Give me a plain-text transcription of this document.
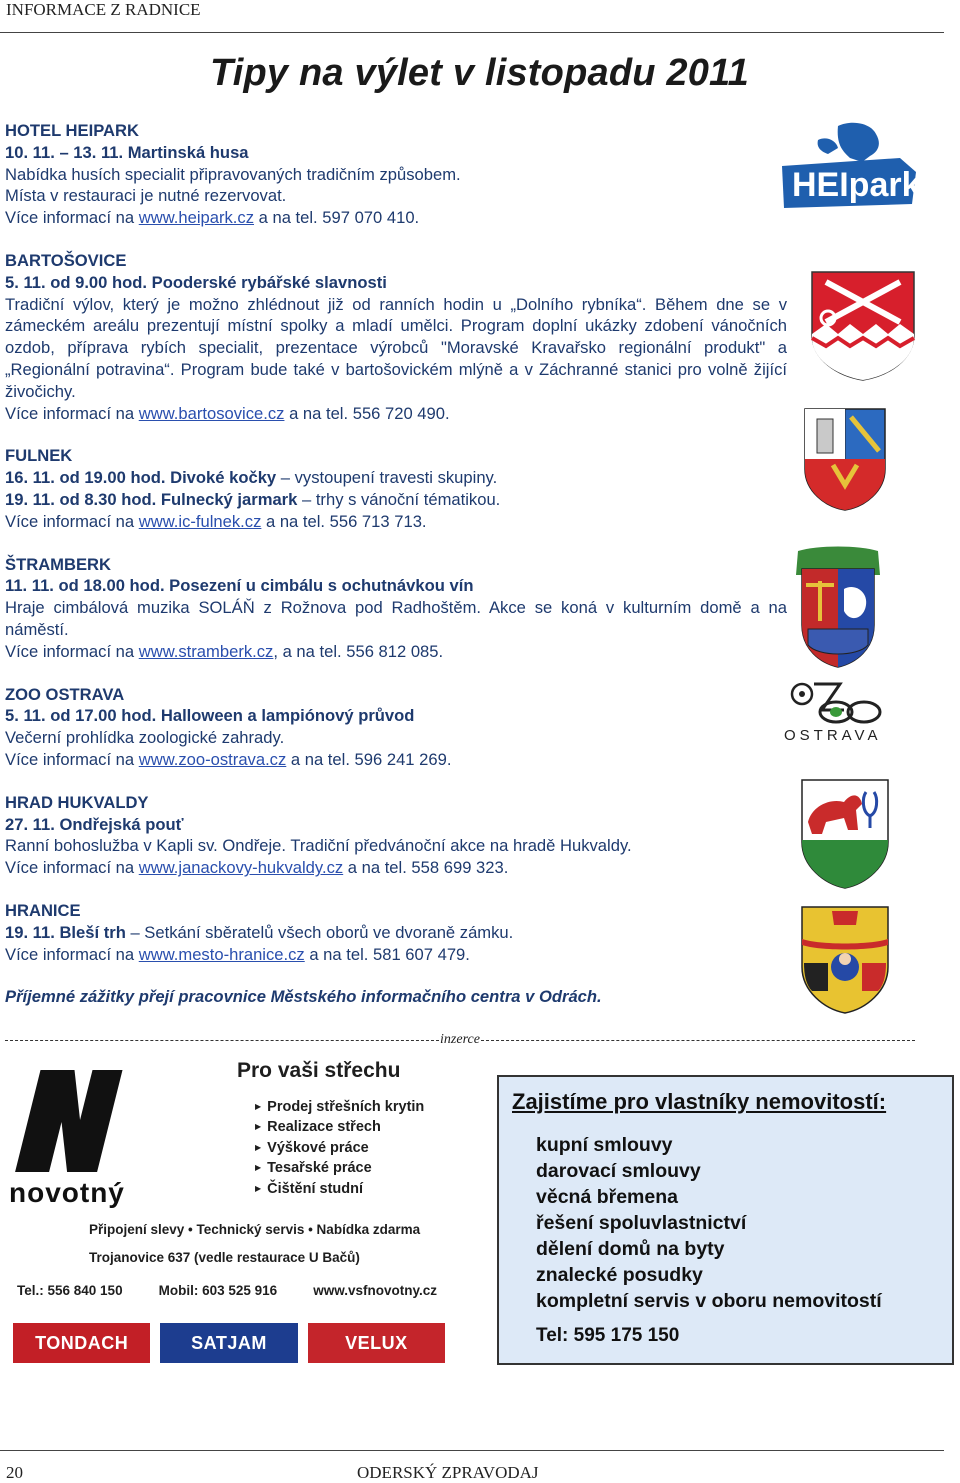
INFORMACE Z RADNICE
Tipy na výlet v listopadu 2011
HOTEL HEIPARK
10. 11. – 13. 11. Martinská husa
Nabídka husích specialit připravovaných tradičním způsobem.
Místa v restauraci je nutné rezervovat.
Více informací na www.heipark.cz a na tel. 597 070 410.
BARTOŠOVICE
5. 11. od 9.00 hod. Pooderské rybářské slavnosti
Tradiční výlov, který je možno zhlédnout již od ranních hodin u „Dolního rybníka“. Během dne se v zámeckém areálu prezentují místní spolky a mladí umělci. Program doplní ukázky zdobení vánočních ozdob, příprava rybích specialit, prezentace výrobců "Moravské Kravařsko regionální produkt" a „Regionální potravina“. Program bude také v bartošovickém mlýně a v Záchranné stanici pro volně žijící živočichy.
Více informací na www.bartosovice.cz a na tel. 556 720 490.
FULNEK
16. 11. od 19.00 hod. Divoké kočky – vystoupení travesti skupiny.
19. 11. od 8.30 hod. Fulnecký jarmark – trhy s vánoční tématikou.
Více informací na www.ic-fulnek.cz a na tel. 556 713 713.
ŠTRAMBERK
11. 11. od 18.00 hod. Posezení u cimbálu s ochutnávkou vín
Hraje cimbálová muzika SOLÁŇ z Rožnova pod Radhoštěm. Akce se koná v kulturním domě a na náměstí.
Více informací na www.stramberk.cz, a na tel. 556 812 085.
ZOO OSTRAVA
5. 11. od 17.00 hod. Halloween a lampiónový průvod
Večerní prohlídka zoologické zahrady.
Více informací na www.zoo-ostrava.cz a na tel. 596 241 269.
HRAD HUKVALDY
27. 11. Ondřejská pouť
Ranní bohoslužba v Kapli sv. Ondřeje. Tradiční předvánoční akce na hradě Hukvaldy.
Více informací na www.janackovy-hukvaldy.cz a na tel. 558 699 323.
HRANICE
19. 11. Bleší trh – Setkání sběratelů všech oborů ve dvoraně zámku.
Více informací na www.mesto-hranice.cz a na tel. 581 607 479.
Příjemné zážitky přejí pracovnice Městského informačního centra v Odrách.
inzerce
HEIpark
OSTRAVA
novotný
Pro vaši střechu
▶ Prodej střešních krytin
▶ Realizace střech
▶ Výškové práce
▶ Tesařské práce
▶ Čištění studní
Připojení slevy • Technický servis • Nabídka zdarma
Trojanovice 637 (vedle restaurace U Bačů)
Tel.: 556 840 150	Mobil: 603 525 916	www.vsfnovotny.cz
TONDACH	SATJAM	VELUX
Zajistíme pro vlastníky nemovitostí:
kupní smlouvy
darovací smlouvy
věcná břemena
řešení spoluvlastnictví
dělení domů na byty
znalecké posudky
kompletní servis v oboru nemovitostí
Tel: 595 175 150
20	ODERSKÝ ZPRAVODAJ
